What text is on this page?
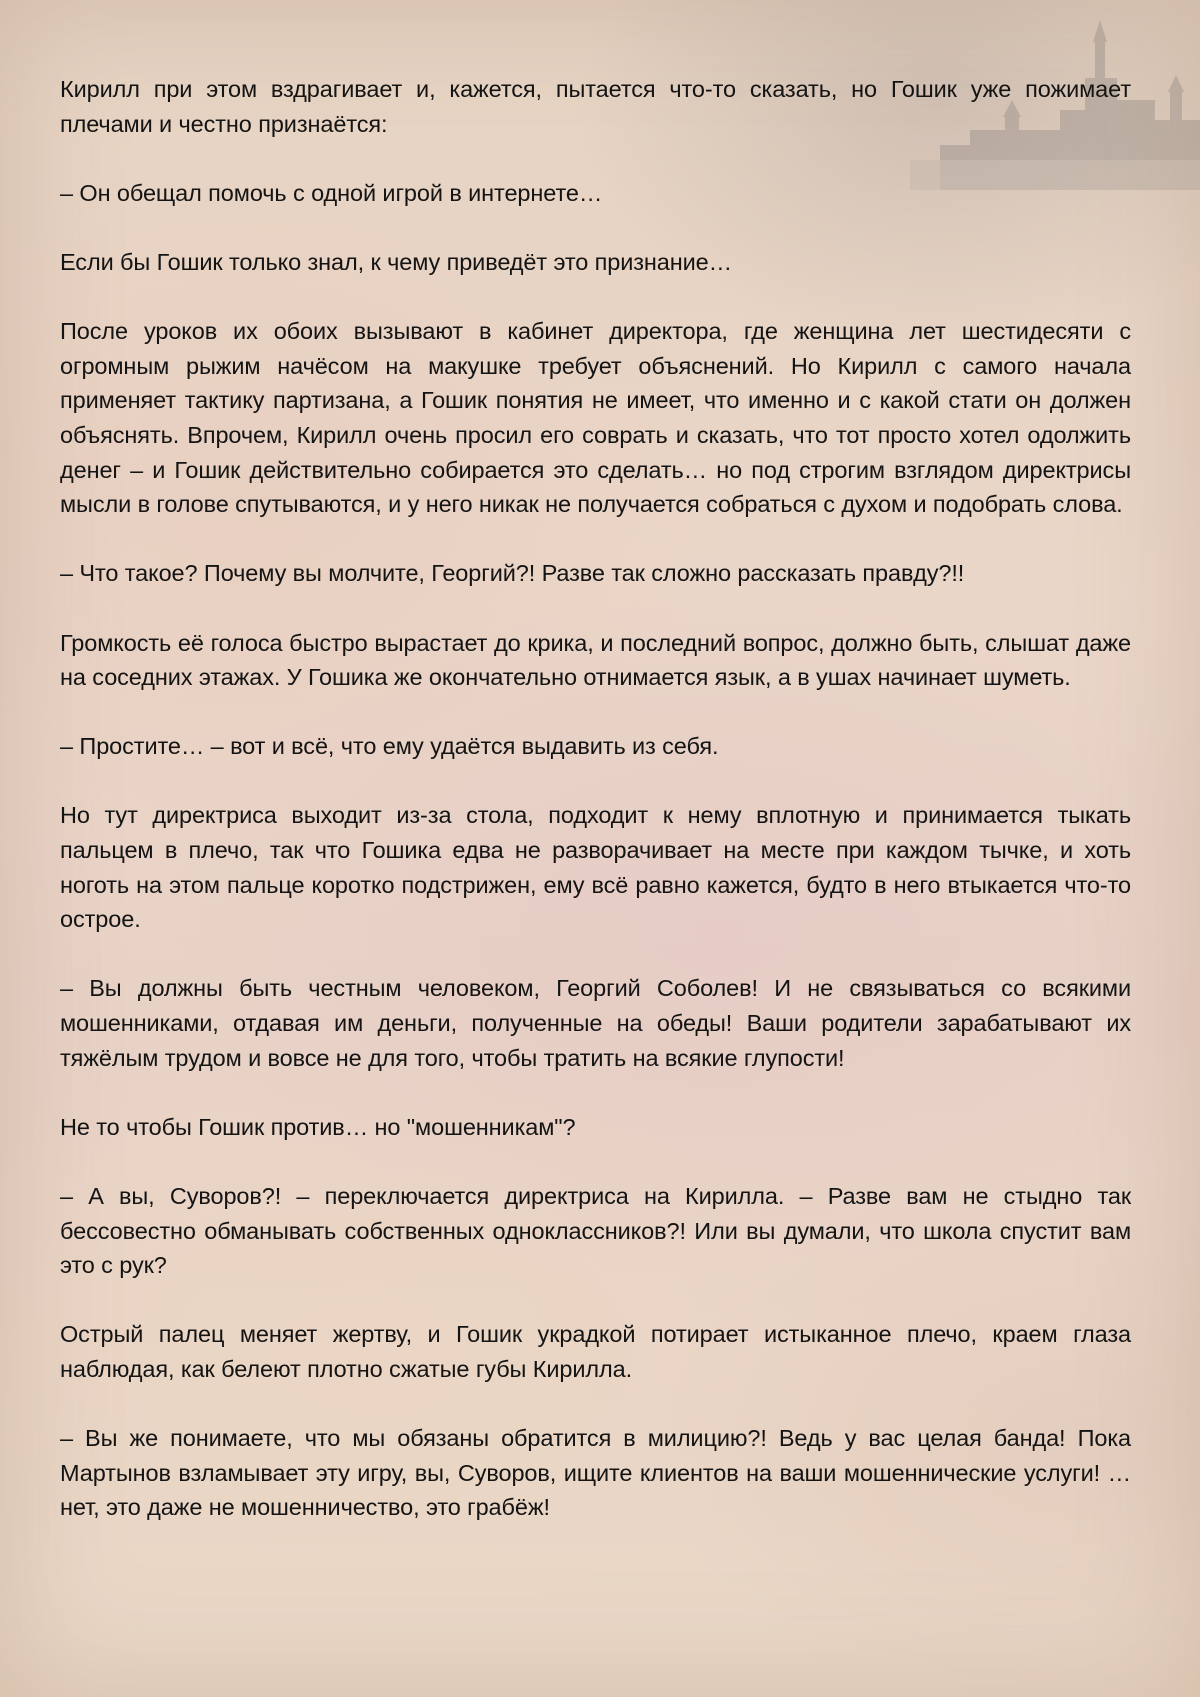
Кирилл при этом вздрагивает и, кажется, пытается что-то сказать, но Гошик уже пожимает плечами и честно признаётся:

– Он обещал помочь с одной игрой в интернете…

Если бы Гошик только знал, к чему приведёт это признание…

После уроков их обоих вызывают в кабинет директора, где женщина лет шестидесяти с огромным рыжим начёсом на макушке требует объяснений. Но Кирилл с самого начала применяет тактику партизана, а Гошик понятия не имеет, что именно и с какой стати он должен объяснять. Впрочем, Кирилл очень просил его соврать и сказать, что тот просто хотел одолжить денег – и Гошик действительно собирается это сделать… но под строгим взглядом директрисы мысли в голове спутываются, и у него никак не получается собраться с духом и подобрать слова.

– Что такое? Почему вы молчите, Георгий?! Разве так сложно рассказать правду?!!

Громкость её голоса быстро вырастает до крика, и последний вопрос, должно быть, слышат даже на соседних этажах. У Гошика же окончательно отнимается язык, а в ушах начинает шуметь.

– Простите… – вот и всё, что ему удаётся выдавить из себя.

Но тут директриса выходит из-за стола, подходит к нему вплотную и принимается тыкать пальцем в плечо, так что Гошика едва не разворачивает на месте при каждом тычке, и хоть ноготь на этом пальце коротко подстрижен, ему всё равно кажется, будто в него втыкается что-то острое.

– Вы должны быть честным человеком, Георгий Соболев! И не связываться со всякими мошенниками, отдавая им деньги, полученные на обеды! Ваши родители зарабатывают их тяжёлым трудом и вовсе не для того, чтобы тратить на всякие глупости!

Не то чтобы Гошик против… но "мошенникам"?

– А вы, Суворов?! – переключается директриса на Кирилла. – Разве вам не стыдно так бессовестно обманывать собственных одноклассников?! Или вы думали, что школа спустит вам это с рук?

Острый палец меняет жертву, и Гошик украдкой потирает истыканное плечо, краем глаза наблюдая, как белеют плотно сжатые губы Кирилла.

– Вы же понимаете, что мы обязаны обратится в милицию?! Ведь у вас целая банда! Пока Мартынов взламывает эту игру, вы, Суворов, ищите клиентов на ваши мошеннические услуги! …нет, это даже не мошенничество, это грабёж!
